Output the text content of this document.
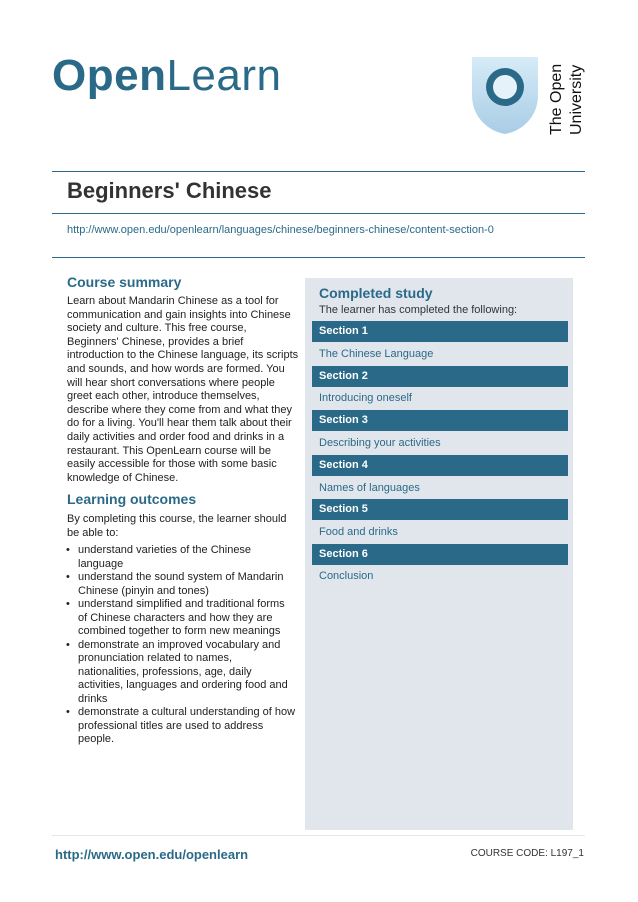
OpenLearn	The Open University
Beginners' Chinese
http://www.open.edu/openlearn/languages/chinese/beginners-chinese/content-section-0
Course summary
Learn about Mandarin Chinese as a tool for communication and gain insights into Chinese society and culture. This free course, Beginners' Chinese, provides a brief introduction to the Chinese language, its scripts and sounds, and how words are formed. You will hear short conversations where people greet each other, introduce themselves, describe where they come from and what they do for a living. You'll hear them talk about their daily activities and order food and drinks in a restaurant. This OpenLearn course will be easily accessible for those with some basic knowledge of Chinese.
Learning outcomes
By completing this course, the learner should be able to:
• understand varieties of the Chinese language
• understand the sound system of Mandarin Chinese (pinyin and tones)
• understand simplified and traditional forms of Chinese characters and how they are combined together to form new meanings
• demonstrate an improved vocabulary and pronunciation related to names, nationalities, professions, age, daily activities, languages and ordering food and drinks
• demonstrate a cultural understanding of how professional titles are used to address people.
Completed study
The learner has completed the following:
Section 1
The Chinese Language
Section 2
Introducing oneself
Section 3
Describing your activities
Section 4
Names of languages
Section 5
Food and drinks
Section 6
Conclusion
http://www.open.edu/openlearn	COURSE CODE: L197_1
